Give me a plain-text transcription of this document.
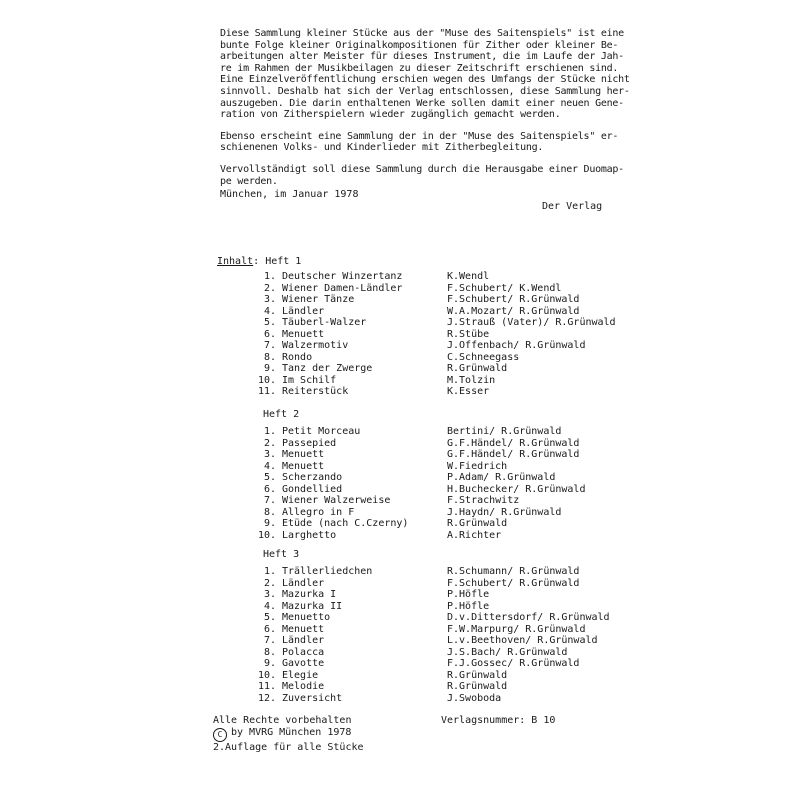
Diese Sammlung kleiner Stücke aus der "Muse des Saitenspiels" ist eine
bunte Folge kleiner Originalkompositionen für Zither oder kleiner Be-
arbeitungen alter Meister für dieses Instrument, die im Laufe der Jah-
re im Rahmen der Musikbeilagen zu dieser Zeitschrift erschienen sind.
Eine Einzelveröffentlichung erschien wegen des Umfangs der Stücke nicht
sinnvoll. Deshalb hat sich der Verlag entschlossen, diese Sammlung her-
auszugeben. Die darin enthaltenen Werke sollen damit einer neuen Gene-
ration von Zitherspielern wieder zugänglich gemacht werden.
Ebenso erscheint eine Sammlung der in der "Muse des Saitenspiels" er-
schienenen Volks- und Kinderlieder mit Zitherbegleitung.
Vervollständigt soll diese Sammlung durch die Herausgabe einer Duomap-
pe werden.
München, im Januar 1978
Der Verlag
Inhalt: Heft 1
1. Deutscher Winzertanz	K.Wendl
2. Wiener Damen-Ländler	F.Schubert/ K.Wendl
3. Wiener Tänze	F.Schubert/ R.Grünwald
4. Ländler	W.A.Mozart/ R.Grünwald
5. Täuberl-Walzer	J.Strauß (Vater)/ R.Grünwald
6. Menuett	R.Stübe
7. Walzermotiv	J.Offenbach/ R.Grünwald
8. Rondo	C.Schneegass
9. Tanz der Zwerge	R.Grünwald
10. Im Schilf	M.Tolzin
11. Reiterstück	K.Esser
Heft 2
1. Petit Morceau	Bertini/ R.Grünwald
2. Passepied	G.F.Händel/ R.Grünwald
3. Menuett	G.F.Händel/ R.Grünwald
4. Menuett	W.Fiedrich
5. Scherzando	P.Adam/ R.Grünwald
6. Gondellied	H.Buchecker/ R.Grünwald
7. Wiener Walzerweise	F.Strachwitz
8. Allegro in F	J.Haydn/ R.Grünwald
9. Etüde (nach C.Czerny)	R.Grünwald
10. Larghetto	A.Richter
Heft 3
1. Trällerliedchen	R.Schumann/ R.Grünwald
2. Ländler	F.Schubert/ R.Grünwald
3. Mazurka I	P.Höfle
4. Mazurka II	P.Höfle
5. Menuetto	D.v.Dittersdorf/ R.Grünwald
6. Menuett	F.W.Marpurg/ R.Grünwald
7. Ländler	L.v.Beethoven/ R.Grünwald
8. Polacca	J.S.Bach/ R.Grünwald
9. Gavotte	F.J.Gossec/ R.Grünwald
10. Elegie	R.Grünwald
11. Melodie	R.Grünwald
12. Zuversicht	J.Swoboda
Alle Rechte vorbehalten
C by MVRG München 1978
2.Auflage für alle Stücke
Verlagsnummer: B 10
